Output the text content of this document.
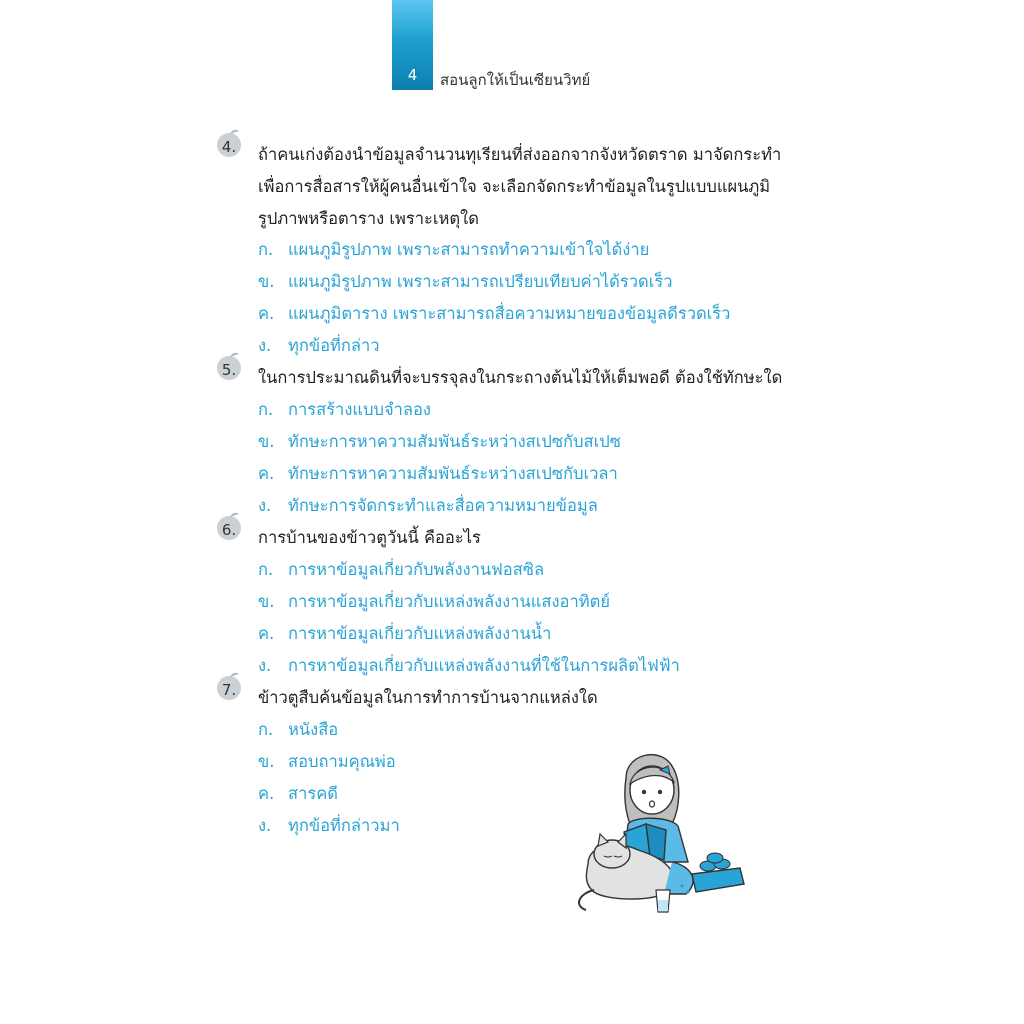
4	สอนลูกให้เป็นเซียนวิทย์
4.	ถ้าคนเก่งต้องนำข้อมูลจำนวนทุเรียนที่ส่งออกจากจังหวัดตราด มาจัดกระทำ
เพื่อการสื่อสารให้ผู้คนอื่นเข้าใจ จะเลือกจัดกระทำข้อมูลในรูปแบบแผนภูมิ
รูปภาพหรือตาราง เพราะเหตุใด
ก. แผนภูมิรูปภาพ เพราะสามารถทำความเข้าใจได้ง่าย
ข. แผนภูมิรูปภาพ เพราะสามารถเปรียบเทียบค่าได้รวดเร็ว
ค. แผนภูมิตาราง เพราะสามารถสื่อความหมายของข้อมูลดีรวดเร็ว
ง. ทุกข้อที่กล่าว
5.	ในการประมาณดินที่จะบรรจุลงในกระถางต้นไม้ให้เต็มพอดี ต้องใช้ทักษะใด
ก. การสร้างแบบจำลอง
ข. ทักษะการหาความสัมพันธ์ระหว่างสเปซกับสเปซ
ค. ทักษะการหาความสัมพันธ์ระหว่างสเปซกับเวลา
ง. ทักษะการจัดกระทำและสื่อความหมายข้อมูล
6.	การบ้านของข้าวตูวันนี้ คืออะไร
ก. การหาข้อมูลเกี่ยวกับพลังงานฟอสซิล
ข. การหาข้อมูลเกี่ยวกับแหล่งพลังงานแสงอาทิตย์
ค. การหาข้อมูลเกี่ยวกับแหล่งพลังงานน้ำ
ง. การหาข้อมูลเกี่ยวกับแหล่งพลังงานที่ใช้ในการผลิตไฟฟ้า
7.	ข้าวตูสืบค้นข้อมูลในการทำการบ้านจากแหล่งใด
ก. หนังสือ
ข. สอบถามคุณพ่อ
ค. สารคดี
ง. ทุกข้อที่กล่าวมา
